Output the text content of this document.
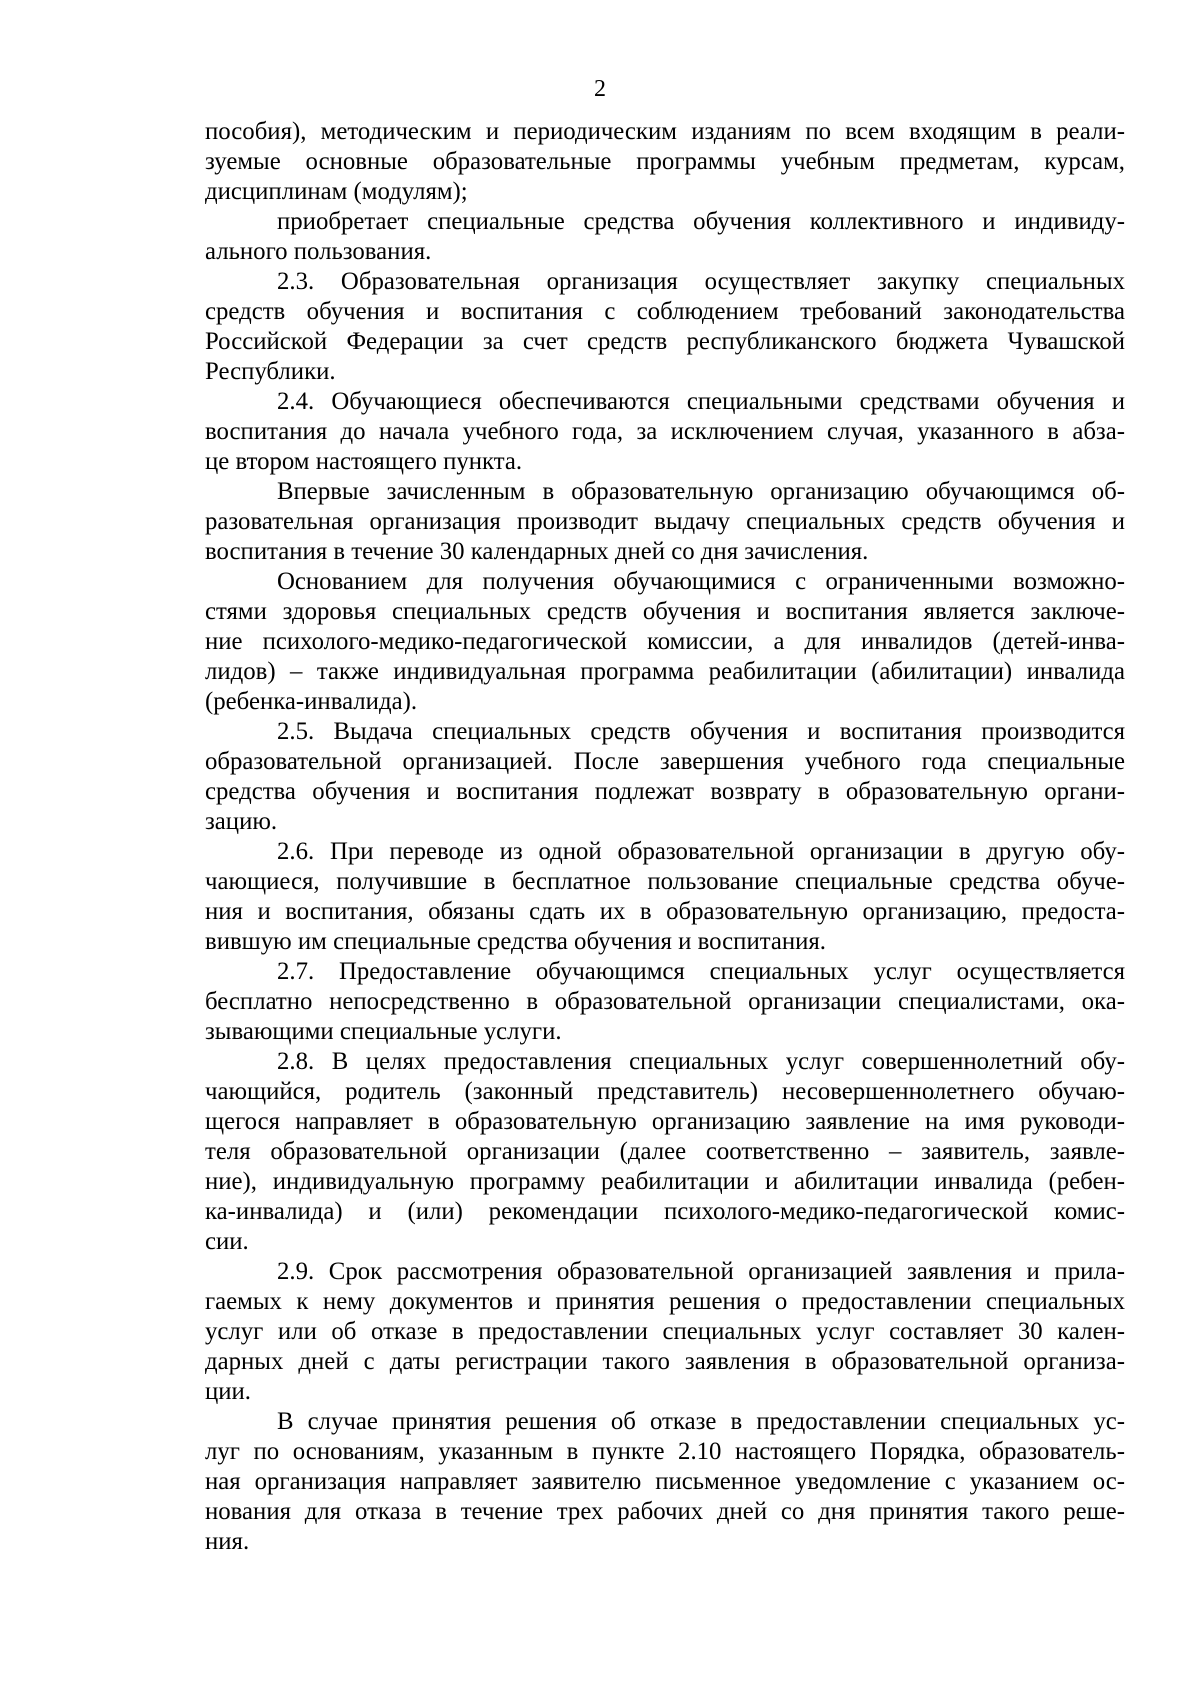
2
пособия), методическим и периодическим изданиям по всем входящим в реали-
зуемые основные образовательные программы учебным предметам, курсам,
дисциплинам (модулям);
приобретает специальные средства обучения коллективного и индивиду-
ального пользования.
2.3. Образовательная организация осуществляет закупку специальных
средств обучения и воспитания с соблюдением требований законодательства
Российской Федерации за счет средств республиканского бюджета Чувашской
Республики.
2.4. Обучающиеся обеспечиваются специальными средствами обучения и
воспитания до начала учебного года, за исключением случая, указанного в абза-
це втором настоящего пункта.
Впервые зачисленным в образовательную организацию обучающимся об-
разовательная организация производит выдачу специальных средств обучения и
воспитания в течение 30 календарных дней со дня зачисления.
Основанием для получения обучающимися с ограниченными возможно-
стями здоровья специальных средств обучения и воспитания является заключе-
ние психолого-медико-педагогической комиссии, а для инвалидов (детей-инва-
лидов) – также индивидуальная программа реабилитации (абилитации) инвалида
(ребенка-инвалида).
2.5. Выдача специальных средств обучения и воспитания производится
образовательной организацией. После завершения учебного года специальные
средства обучения и воспитания подлежат возврату в образовательную органи-
зацию.
2.6. При переводе из одной образовательной организации в другую обу-
чающиеся, получившие в бесплатное пользование специальные средства обуче-
ния и воспитания, обязаны сдать их в образовательную организацию, предоста-
вившую им специальные средства обучения и воспитания.
2.7. Предоставление обучающимся специальных услуг осуществляется
бесплатно непосредственно в образовательной организации специалистами, ока-
зывающими специальные услуги.
2.8. В целях предоставления специальных услуг совершеннолетний обу-
чающийся, родитель (законный представитель) несовершеннолетнего обучаю-
щегося направляет в образовательную организацию заявление на имя руководи-
теля образовательной организации (далее соответственно – заявитель, заявле-
ние), индивидуальную программу реабилитации и абилитации инвалида (ребен-
ка-инвалида) и (или) рекомендации психолого-медико-педагогической комис-
сии.
2.9. Срок рассмотрения образовательной организацией заявления и прила-
гаемых к нему документов и принятия решения о предоставлении специальных
услуг или об отказе в предоставлении специальных услуг составляет 30 кален-
дарных дней с даты регистрации такого заявления в образовательной организа-
ции.
В случае принятия решения об отказе в предоставлении специальных ус-
луг по основаниям, указанным в пункте 2.10 настоящего Порядка, образователь-
ная организация направляет заявителю письменное уведомление с указанием ос-
нования для отказа в течение трех рабочих дней со дня принятия такого реше-
ния.
